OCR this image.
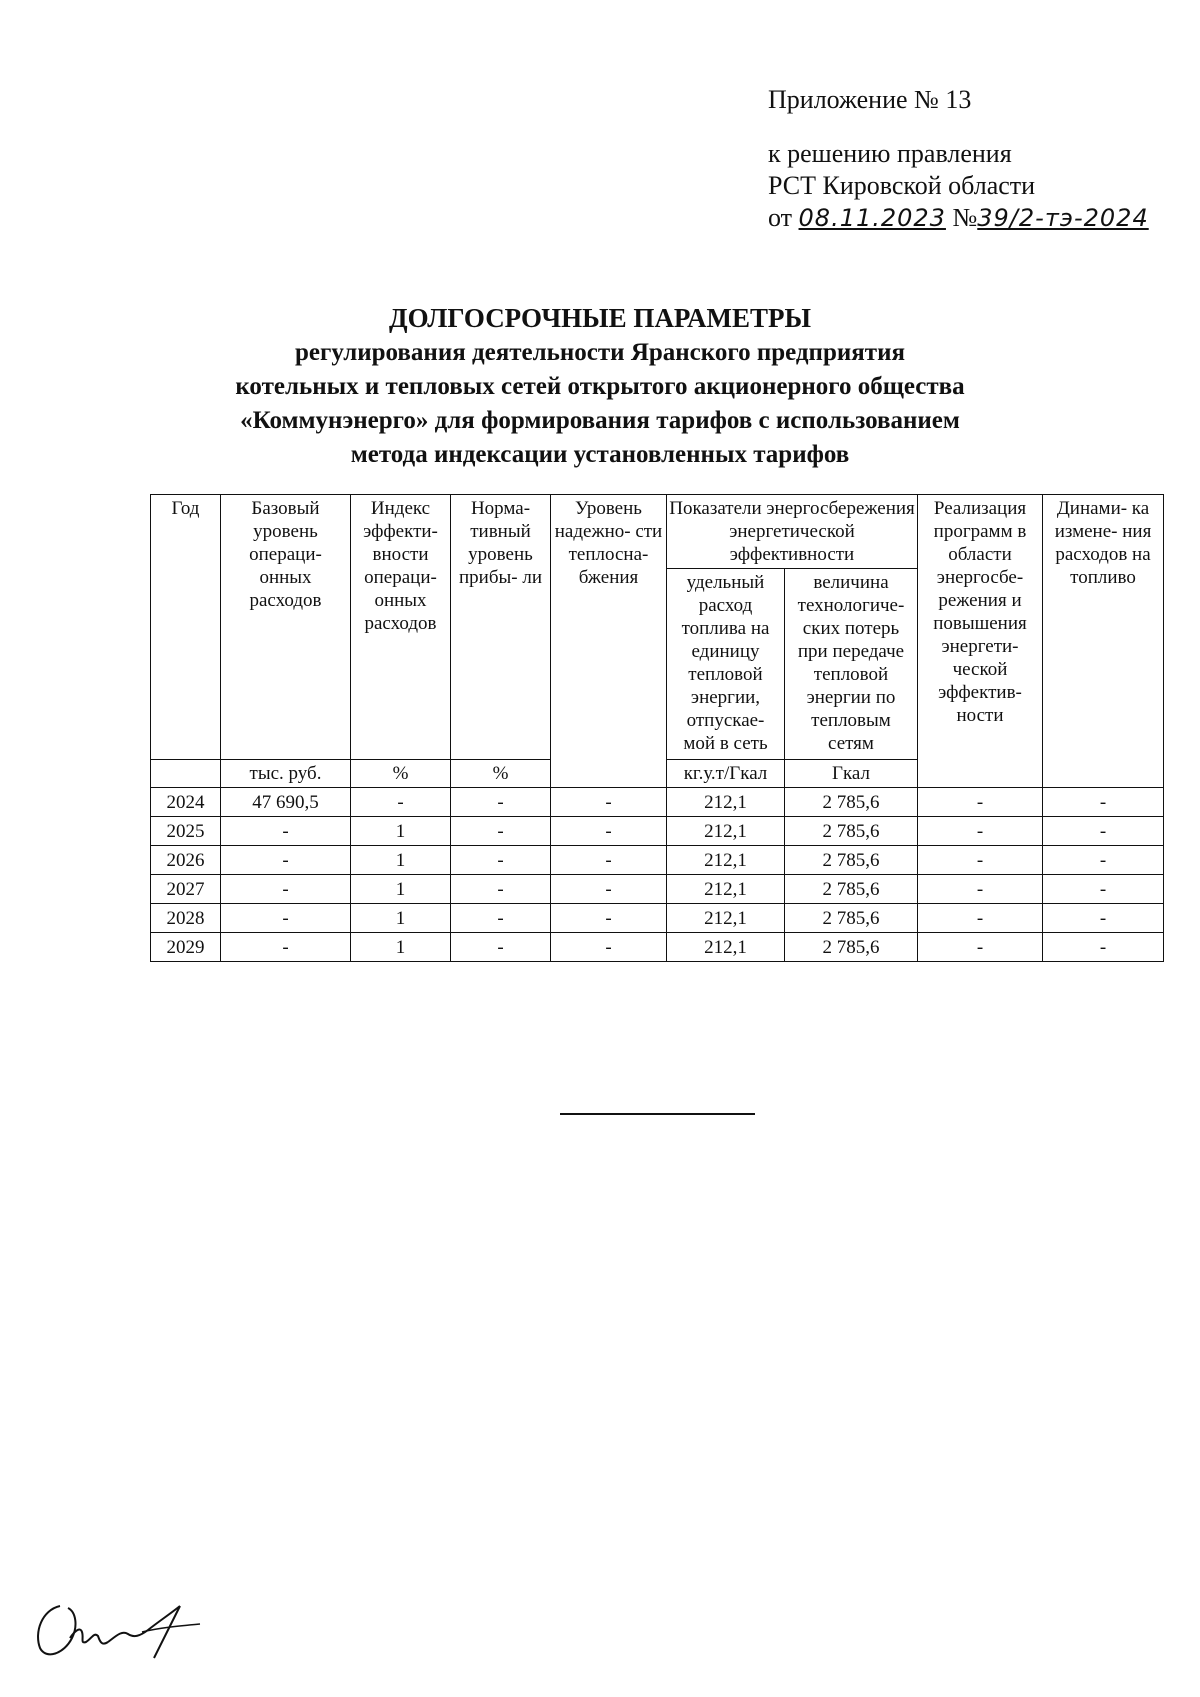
Приложение № 13
к решению правления
РСТ Кировской области
от 08.11.2023 №39/2-тэ-2024
ДОЛГОСРОЧНЫЕ ПАРАМЕТРЫ
регулирования деятельности Яранского предприятия
котельных и тепловых сетей открытого акционерного общества
«Коммунэнерго» для формирования тарифов с использованием
метода индексации установленных тарифов
Год	Базовый уровень операци- онных расходов	Индекс эффекти- вности операци- онных расходов	Норма- тивный уровень прибы- ли	Уровень надежно- сти теплосна- бжения	Показатели энергосбережения энергетической эффективности		Реализация программ в области энергосбе- режения и повышения энергети- ческой эффектив- ности	Динами- ка измене- ния расходов на топливо
					удельный расход топлива на единицу тепловой энергии, отпускае- мой в сеть	величина технологиче- ских потерь при передаче тепловой энергии по тепловым сетям		
	тыс. руб.	%	%		кг.у.т/Гкал	Гкал		
2024	47 690,5	-	-	-	212,1	2 785,6	-	-
2025	-	1	-	-	212,1	2 785,6	-	-
2026	-	1	-	-	212,1	2 785,6	-	-
2027	-	1	-	-	212,1	2 785,6	-	-
2028	-	1	-	-	212,1	2 785,6	-	-
2029	-	1	-	-	212,1	2 785,6	-	-
